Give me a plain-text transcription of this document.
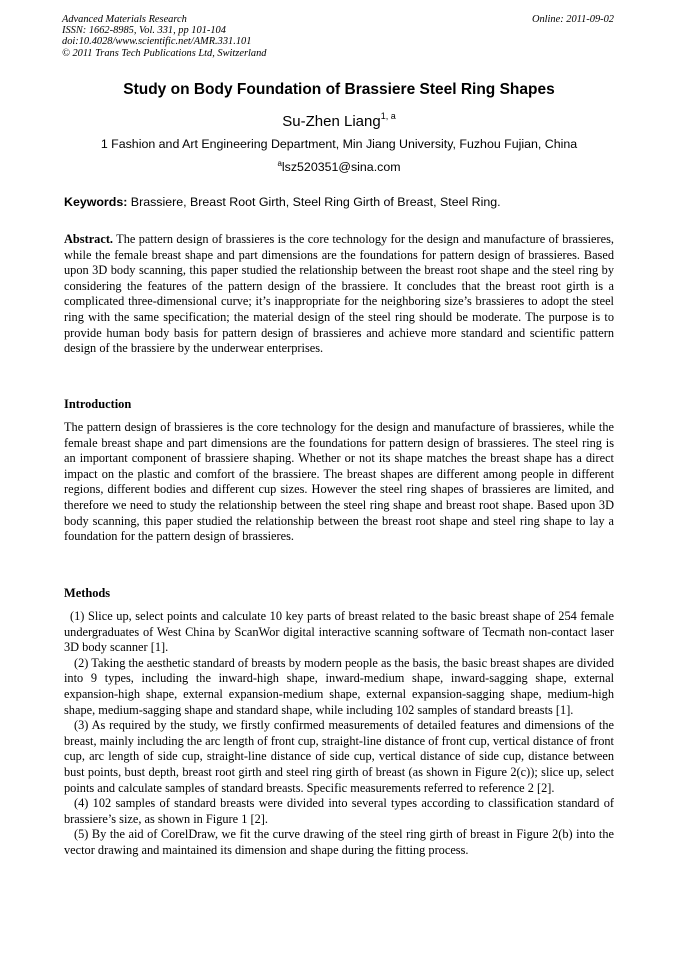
Advanced Materials Research
ISSN: 1662-8985, Vol. 331, pp 101-104
doi:10.4028/www.scientific.net/AMR.331.101
© 2011 Trans Tech Publications Ltd, Switzerland
Online: 2011-09-02
Study on Body Foundation of Brassiere Steel Ring Shapes
Su-Zhen Liang$^{1, a}$
1 Fashion and Art Engineering Department, Min Jiang University, Fuzhou Fujian, China
$^a$lsz520351@sina.com
Keywords: Brassiere, Breast Root Girth, Steel Ring Girth of Breast, Steel Ring.
Abstract. The pattern design of brassieres is the core technology for the design and manufacture of brassieres, while the female breast shape and part dimensions are the foundations for pattern design of brassieres. Based upon 3D body scanning, this paper studied the relationship between the breast root shape and the steel ring by considering the features of the pattern design of the brassiere. It concludes that the breast root girth is a complicated three-dimensional curve; it’s inappropriate for the neighboring size’s brassieres to adopt the steel ring with the same specification; the material design of the steel ring should be moderate. The purpose is to provide human body basis for pattern design of brassieres and achieve more standard and scientific pattern design of the brassiere by the underwear enterprises.
Introduction
The pattern design of brassieres is the core technology for the design and manufacture of brassieres, while the female breast shape and part dimensions are the foundations for pattern design of brassieres. The steel ring is an important component of brassiere shaping. Whether or not its shape matches the breast shape has a direct impact on the plastic and comfort of the brassiere. The breast shapes are different among people in different regions, different bodies and different cup sizes. However the steel ring shapes of brassieres are limited, and therefore we need to study the relationship between the steel ring shape and breast root shape. Based upon 3D body scanning, this paper studied the relationship between the breast root shape and steel ring shape to lay a foundation for the pattern design of brassieres.
Methods

(1) Slice up, select points and calculate 10 key parts of breast related to the basic breast shape of 254 female undergraduates of West China by ScanWor digital interactive scanning software of Tecmath non-contact laser 3D body scanner [1].

(2) Taking the aesthetic standard of breasts by modern people as the basis, the basic breast shapes are divided into 9 types, including the inward-high shape, inward-medium shape, inward-sagging shape, external expansion-high shape, external expansion-medium shape, external expansion-sagging shape, medium-high shape, medium-sagging shape and standard shape, while including 102 samples of standard breasts [1].

(3) As required by the study, we firstly confirmed measurements of detailed features and dimensions of the breast, mainly including the arc length of front cup, straight-line distance of front cup, vertical distance of front cup, arc length of side cup, straight-line distance of side cup, vertical distance of side cup, distance between bust points, bust depth, breast root girth and steel ring girth of breast (as shown in Figure 2(c)); slice up, select points and calculate samples of standard breasts. Specific measurements referred to reference 2 [2].

(4) 102 samples of standard breasts were divided into several types according to classification standard of brassiere’s size, as shown in Figure 1 [2].

(5) By the aid of CorelDraw, we fit the curve drawing of the steel ring girth of breast in Figure 2(b) into the vector drawing and maintained its dimension and shape during the fitting process.
